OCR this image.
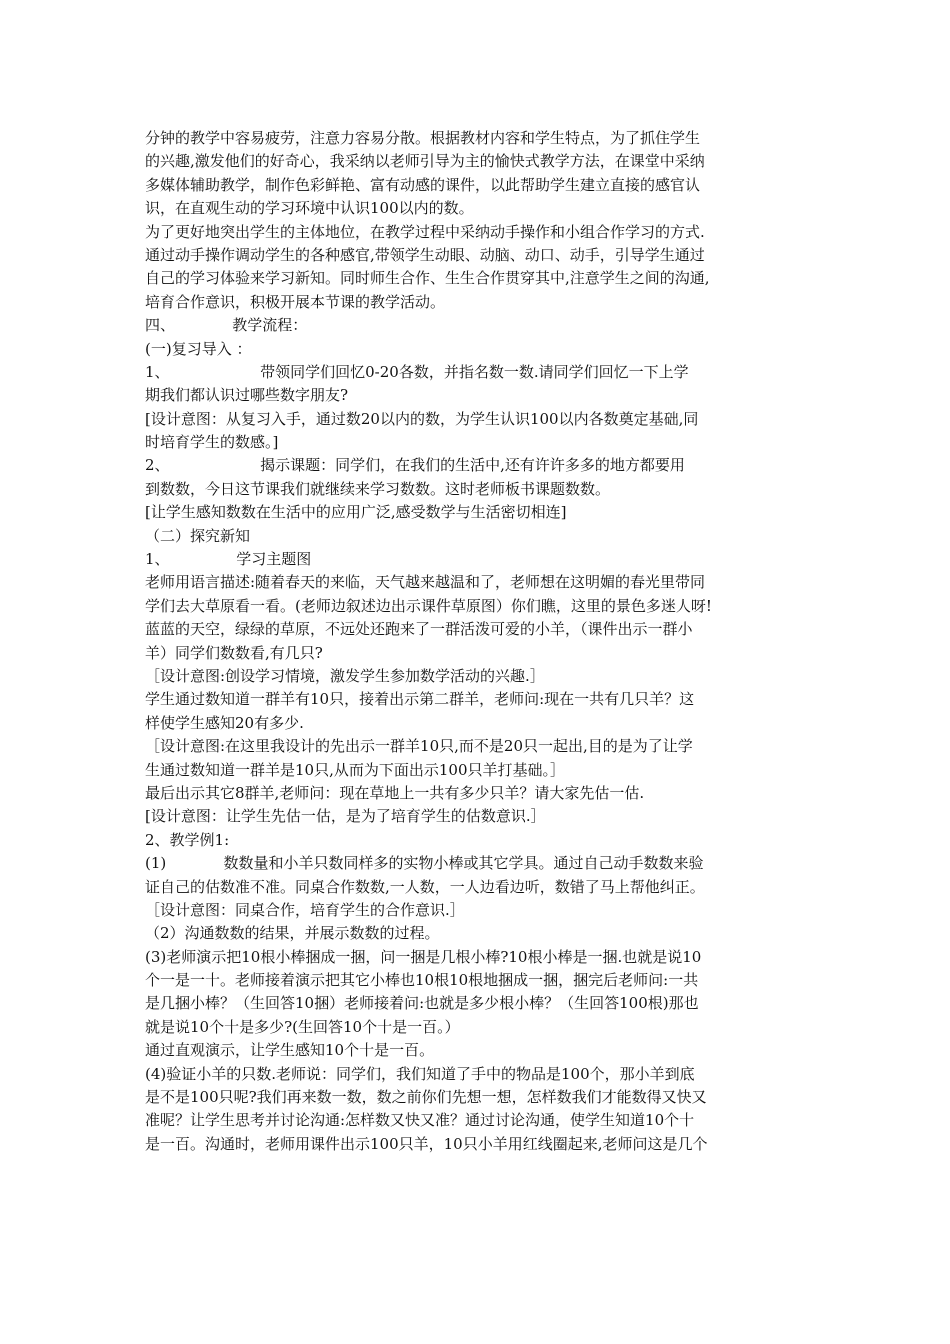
分钟的教学中容易疲劳，注意力容易分散。根据教材内容和学生特点，为了抓住学生
的兴趣,激发他们的好奇心，我采纳以老师引导为主的愉快式教学方法，在课堂中采纳
多媒体辅助教学，制作色彩鲜艳、富有动感的课件，以此帮助学生建立直接的感官认
识，在直观生动的学习环境中认识100以内的数。
为了更好地突出学生的主体地位，在教学过程中采纳动手操作和小组合作学习的方式.
通过动手操作调动学生的各种感官,带领学生动眼、动脑、动口、动手，引导学生通过
自己的学习体验来学习新知。同时师生合作、生生合作贯穿其中,注意学生之间的沟通,
培育合作意识，积极开展本节课的教学活动。
四、            教学流程：
(一)复习导入 ：
1、                   带领同学们回忆0-20各数，并指名数一数.请同学们回忆一下上学
期我们都认识过哪些数字朋友?
[设计意图：从复习入手，通过数20以内的数，为学生认识100以内各数奠定基础,同
时培育学生的数感。]
2、                   揭示课题：同学们，在我们的生活中,还有许许多多的地方都要用
到数数，今日这节课我们就继续来学习数数。这时老师板书课题数数。
[让学生感知数数在生活中的应用广泛,感受数学与生活密切相连]
（二）探究新知
1、              学习主题图
老师用语言描述:随着春天的来临，天气越来越温和了，老师想在这明媚的春光里带同
学们去大草原看一看。(老师边叙述边出示课件草原图）你们瞧，这里的景色多迷人呀!
蓝蓝的天空，绿绿的草原，不远处还跑来了一群活泼可爱的小羊，（课件出示一群小
羊）同学们数数看,有几只?
［设计意图:创设学习情境，激发学生参加数学活动的兴趣.］
学生通过数知道一群羊有10只，接着出示第二群羊，老师问:现在一共有几只羊？这
样使学生感知20有多少.
［设计意图:在这里我设计的先出示一群羊10只,而不是20只一起出,目的是为了让学
生通过数知道一群羊是10只,从而为下面出示100只羊打基础。］
最后出示其它8群羊,老师问：现在草地上一共有多少只羊？请大家先估一估.
[设计意图：让学生先估一估，是为了培育学生的估数意识.］
2、教学例1:
(1)            数数量和小羊只数同样多的实物小棒或其它学具。通过自己动手数数来验
证自己的估数准不准。同桌合作数数,一人数，一人边看边听，数错了马上帮他纠正。
［设计意图：同桌合作，培育学生的合作意识.］
（2）沟通数数的结果，并展示数数的过程。
(3)老师演示把10根小棒捆成一捆，问一捆是几根小棒?10根小棒是一捆.也就是说10
个一是一十。老师接着演示把其它小棒也10根10根地捆成一捆，捆完后老师问:一共
是几捆小棒？（生回答10捆）老师接着问:也就是多少根小棒？（生回答100根)那也
就是说10个十是多少?(生回答10个十是一百。）
通过直观演示，让学生感知10个十是一百。
(4)验证小羊的只数.老师说：同学们，我们知道了手中的物品是100个，那小羊到底
是不是100只呢?我们再来数一数，数之前你们先想一想，怎样数我们才能数得又快又
准呢？让学生思考并讨论沟通:怎样数又快又准？通过讨论沟通，使学生知道10个十
是一百。沟通时，老师用课件出示100只羊，10只小羊用红线圈起来,老师问这是几个
